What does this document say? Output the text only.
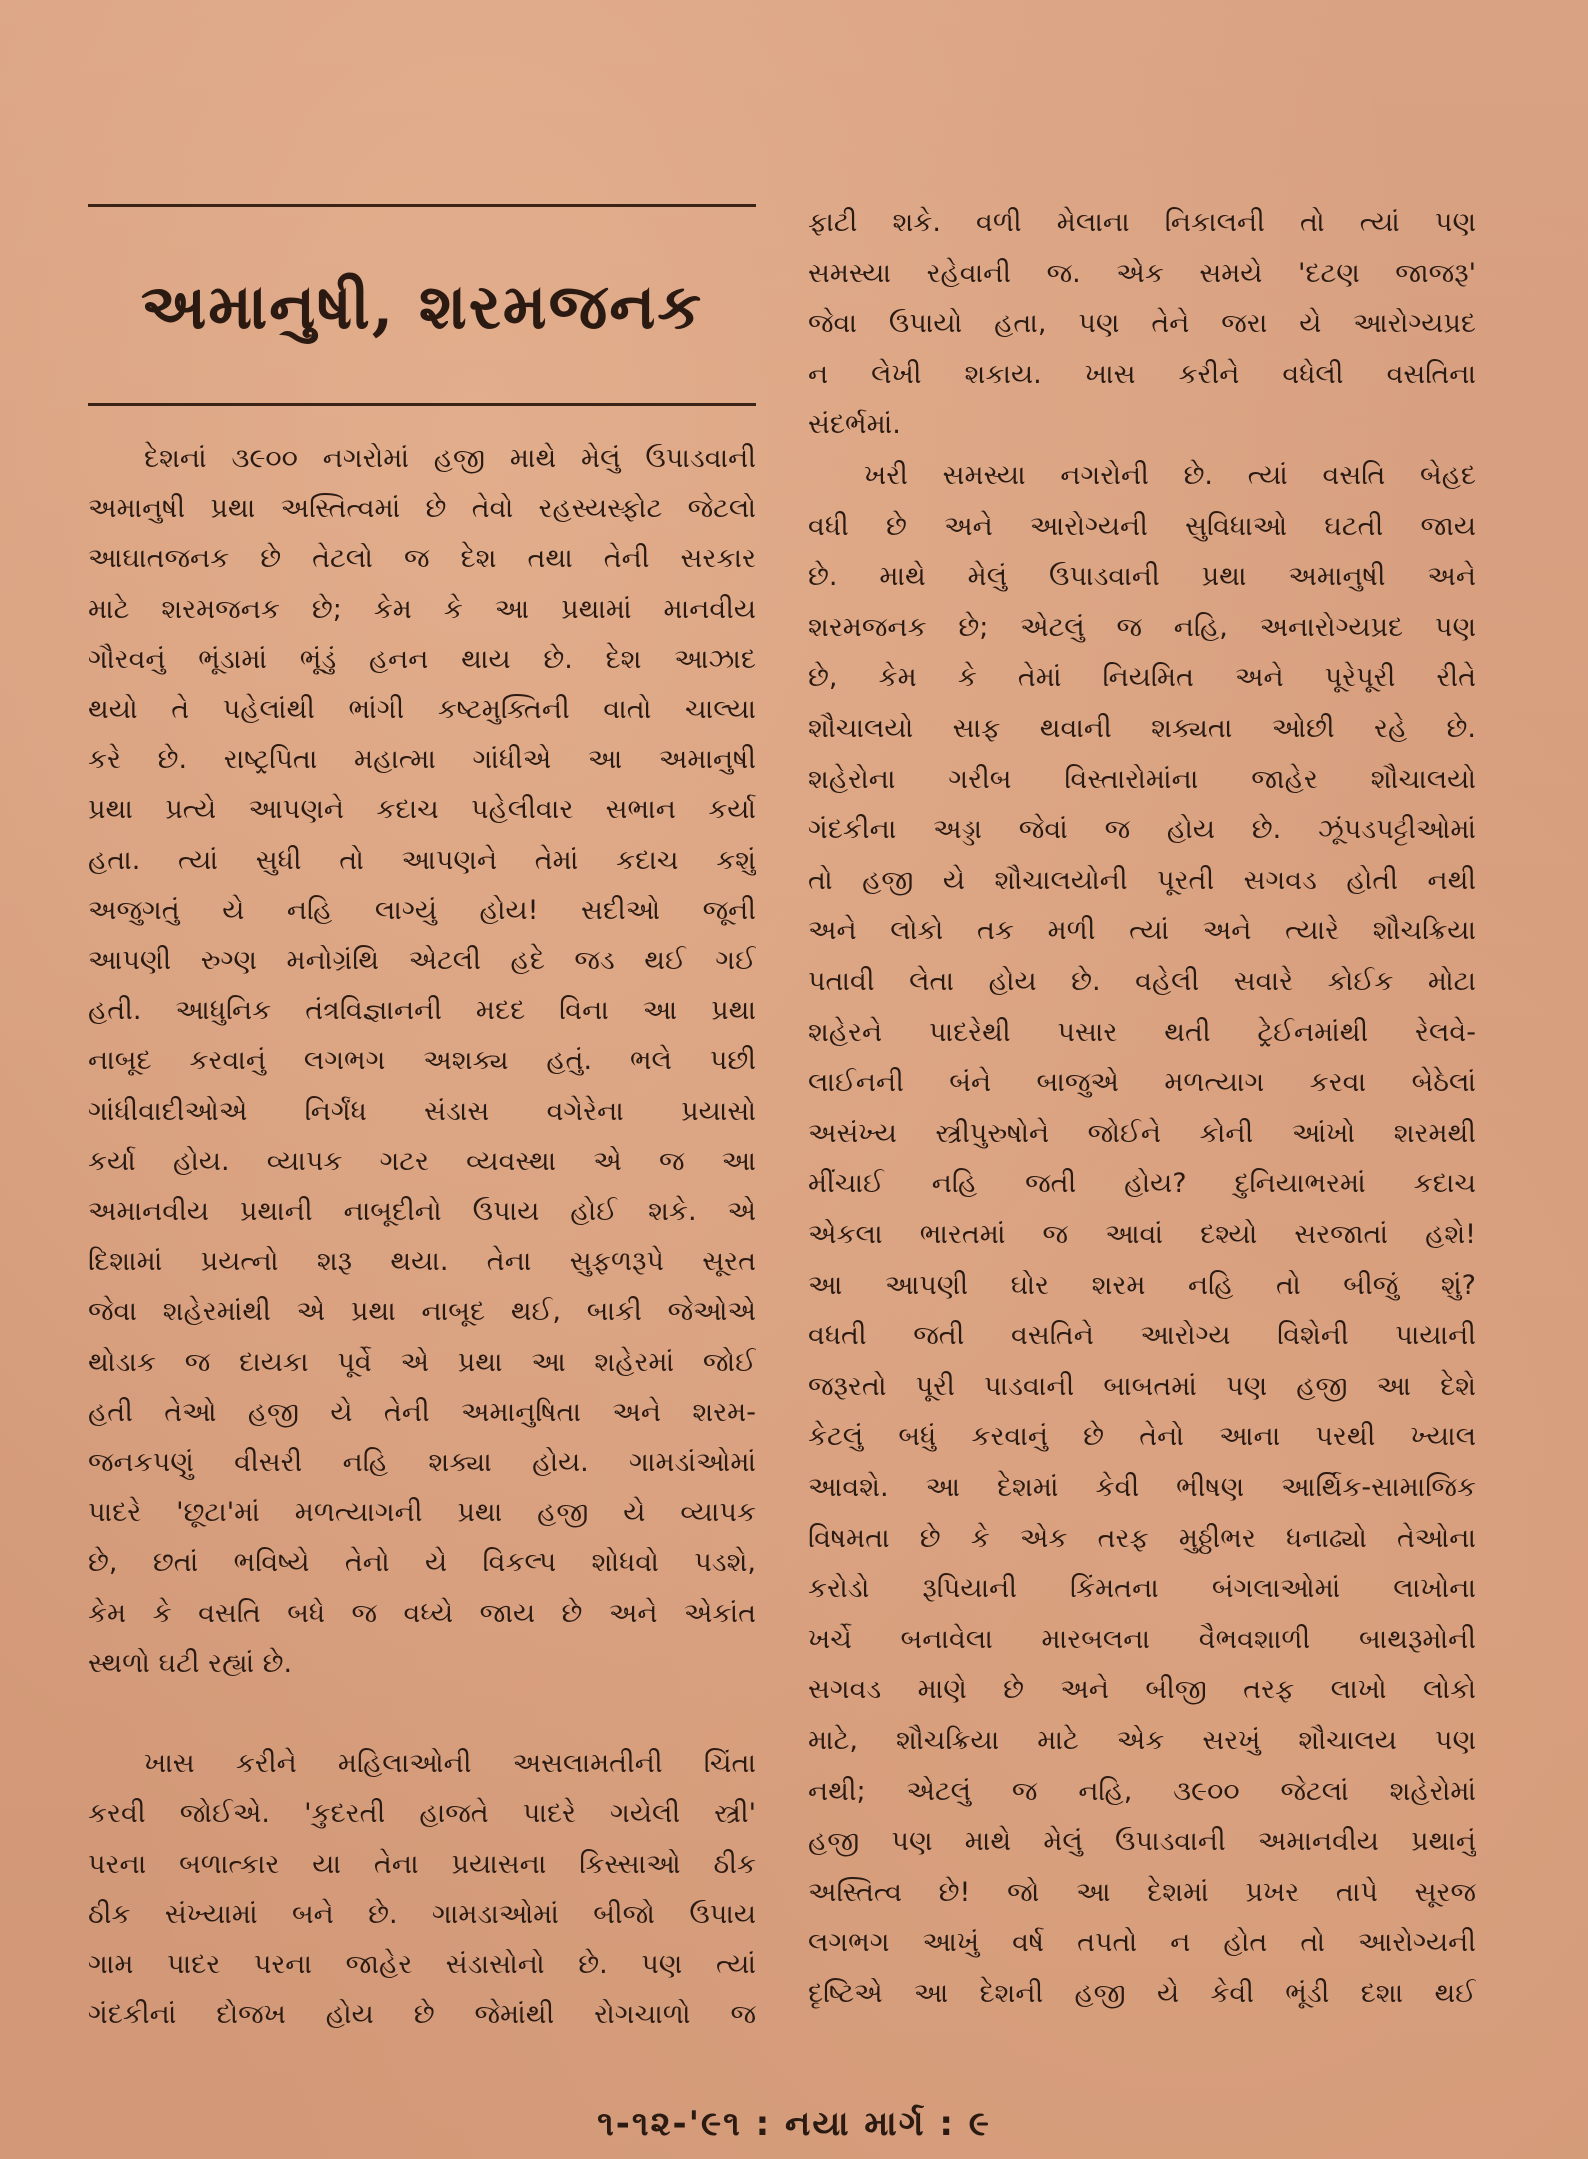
અમાનુષી, શરમજનક
દેશનાં ૩૯૦૦ નગરોમાં હજી માથે મેલું ઉપાડવાની
અમાનુષી પ્રથા અસ્તિત્વમાં છે તેવો રહસ્યસ્ફોટ જેટલો
આઘાતજનક છે તેટલો જ દેશ તથા તેની સરકાર
માટે શરમજનક છે; કેમ કે આ પ્રથામાં માનવીય
ગૌરવનું ભૂંડામાં ભૂંડું હનન થાય છે. દેશ આઝાદ
થયો તે પહેલાંથી ભાંગી કષ્ટમુક્તિની વાતો ચાલ્યા
કરે છે. રાષ્ટ્રપિતા મહાત્મા ગાંધીએ આ અમાનુષી
પ્રથા પ્રત્યે આપણને કદાચ પહેલીવાર સભાન કર્યા
હતા. ત્યાં સુધી તો આપણને તેમાં કદાચ કશું
અજુગતું યે નહિ લાગ્યું હોય! સદીઓ જૂની
આપણી રુગ્ણ મનોગ્રંથિ એટલી હદે જડ થઈ ગઈ
હતી. આધુનિક તંત્રવિજ્ઞાનની મદદ વિના આ પ્રથા
નાબૂદ કરવાનું લગભગ અશક્ય હતું. ભલે પછી
ગાંધીવાદીઓએ નિર્ગંધ સંડાસ વગેરેના પ્રયાસો
કર્યા હોય. વ્યાપક ગટર વ્યવસ્થા એ જ આ
અમાનવીય પ્રથાની નાબૂદીનો ઉપાય હોઈ શકે. એ
દિશામાં પ્રયત્નો શરૂ થયા. તેના સુફળરૂપે સૂરત
જેવા શહેરમાંથી એ પ્રથા નાબૂદ થઈ, બાકી જેઓએ
થોડાક જ દાયકા પૂર્વે એ પ્રથા આ શહેરમાં જોઈ
હતી તેઓ હજી યે તેની અમાનુષિતા અને શરમ-
જનકપણું વીસરી નહિ શક્યા હોય. ગામડાંઓમાં
પાદરે 'છૂટા'માં મળત્યાગની પ્રથા હજી યે વ્યાપક
છે, છતાં ભવિષ્યે તેનો યે વિકલ્પ શોધવો પડશે,
કેમ કે વસતિ બધે જ વધ્યે જાય છે અને એકાંત
સ્થળો ઘટી રહ્યાં છે.
ખાસ કરીને મહિલાઓની અસલામતીની ચિંતા
કરવી જોઈએ. 'કુદરતી હાજતે પાદરે ગયેલી સ્ત્રી'
પરના બળાત્કાર યા તેના પ્રયાસના કિસ્સાઓ ઠીક
ઠીક સંખ્યામાં બને છે. ગામડાઓમાં બીજો ઉપાય
ગામ પાદર પરના જાહેર સંડાસોનો છે. પણ ત્યાં
ગંદકીનાં દોજખ હોય છે જેમાંથી રોગચાળો જ
ફાટી શકે. વળી મેલાના નિકાલની તો ત્યાં પણ
સમસ્યા રહેવાની જ. એક સમયે 'દટણ જાજરૂ'
જેવા ઉપાયો હતા, પણ તેને જરા યે આરોગ્યપ્રદ
ન લેખી શકાય. ખાસ કરીને વધેલી વસતિના
સંદર્ભમાં.
ખરી સમસ્યા નગરોની છે. ત્યાં વસતિ બેહદ
વધી છે અને આરોગ્યની સુવિધાઓ ઘટતી જાય
છે. માથે મેલું ઉપાડવાની પ્રથા અમાનુષી અને
શરમજનક છે; એટલું જ નહિ, અનારોગ્યપ્રદ પણ
છે, કેમ કે તેમાં નિયમિત અને પૂરેપૂરી રીતે
શૌચાલયો સાફ થવાની શક્યતા ઓછી રહે છે.
શહેરોના ગરીબ વિસ્તારોમાંના જાહેર શૌચાલયો
ગંદકીના અડ્ડા જેવાં જ હોય છે. ઝૂંપડપટ્ટીઓમાં
તો હજી યે શૌચાલયોની પૂરતી સગવડ હોતી નથી
અને લોકો તક મળી ત્યાં અને ત્યારે શૌચક્રિયા
પતાવી લેતા હોય છે. વહેલી સવારે કોઈક મોટા
શહેરને પાદરેથી પસાર થતી ટ્રેઈનમાંથી રેલવે-
લાઈનની બંને બાજુએ મળત્યાગ કરવા બેઠેલાં
અસંખ્ય સ્ત્રીપુરુષોને જોઈને કોની આંખો શરમથી
મીંચાઈ નહિ જતી હોય? દુનિયાભરમાં કદાચ
એકલા ભારતમાં જ આવાં દશ્યો સરજાતાં હશે!
આ આપણી ઘોર શરમ નહિ તો બીજું શું?
વધતી જતી વસતિને આરોગ્ય વિશેની પાયાની
જરૂરતો પૂરી પાડવાની બાબતમાં પણ હજી આ દેશે
કેટલું બધું કરવાનું છે તેનો આના પરથી ખ્યાલ
આવશે. આ દેશમાં કેવી ભીષણ આર્થિક-સામાજિક
વિષમતા છે કે એક તરફ મુઠ્ઠીભર ધનાઢ્યો તેઓના
કરોડો રૂપિયાની કિંમતના બંગલાઓમાં લાખોના
ખર્ચે બનાવેલા મારબલના વૈભવશાળી બાથરૂમોની
સગવડ માણે છે અને બીજી તરફ લાખો લોકો
માટે, શૌચક્રિયા માટે એક સરખું શૌચાલય પણ
નથી; એટલું જ નહિ, ૩૯૦૦ જેટલાં શહેરોમાં
હજી પણ માથે મેલું ઉપાડવાની અમાનવીય પ્રથાનું
અસ્તિત્વ છે! જો આ દેશમાં પ્રખર તાપે સૂરજ
લગભગ આખું વર્ષ તપતો ન હોત તો આરોગ્યની
દૃષ્ટિએ આ દેશની હજી યે કેવી ભૂંડી દશા થઈ
૧-૧૨-'૯૧ : નયા માર્ગ : ૯
